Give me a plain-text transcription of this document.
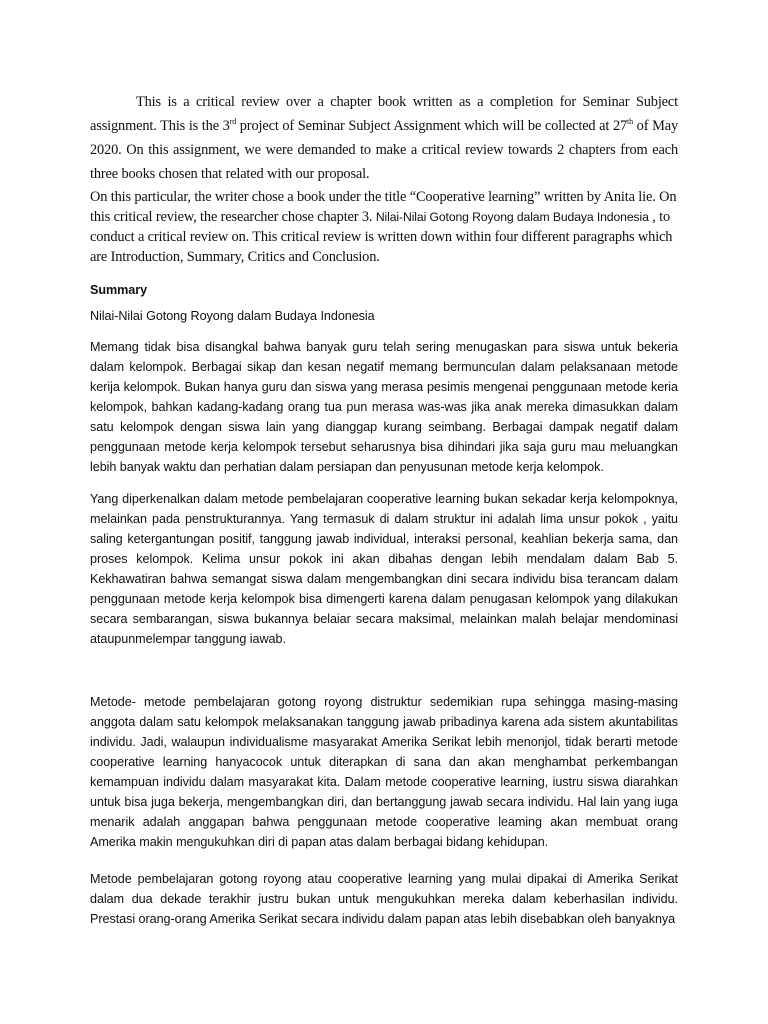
This is a critical review over a chapter book written as a completion for Seminar Subject assignment. This is the 3rd project of Seminar Subject Assignment which will be collected at 27th of May 2020. On this assignment, we were demanded to make a critical review towards 2 chapters from each three books chosen that related with our proposal.

On this particular, the writer chose a book under the title “Cooperative learning” written by Anita lie. On this critical review, the researcher chose chapter 3. Nilai-Nilai Gotong Royong dalam Budaya Indonesia , to conduct a critical review on. This critical review is written down within four different paragraphs which are Introduction, Summary, Critics and Conclusion.

Summary

Nilai-Nilai Gotong Royong dalam Budaya Indonesia

Memang tidak bisa disangkal bahwa banyak guru telah sering menugaskan para siswa untuk bekeria dalam kelompok. Berbagai sikap dan kesan negatif memang bermunculan dalam pelaksanaan metode kerija kelompok. Bukan hanya guru dan siswa yang merasa pesimis mengenai penggunaan metode keria kelompok, bahkan kadang-kadang orang tua pun merasa was-was jika anak mereka dimasukkan dalam satu kelompok dengan siswa lain yang dianggap kurang seimbang. Berbagai dampak negatif dalam penggunaan metode kerja kelompok tersebut seharusnya bisa dihindari jika saja guru mau meluangkan lebih banyak waktu dan perhatian dalam persiapan dan penyusunan metode kerja kelompok.

Yang diperkenalkan dalam metode pembelajaran cooperative learning bukan sekadar kerja kelompoknya, melainkan pada penstrukturannya. Yang termasuk di dalam struktur ini adalah lima unsur pokok , yaitu saling ketergantungan positif, tanggung jawab individual, interaksi personal, keahlian bekerja sama, dan proses kelompok. Kelima unsur pokok ini akan dibahas dengan lebih mendalam dalam Bab 5. Kekhawatiran bahwa semangat siswa dalam mengembangkan dini secara individu bisa terancam dalam penggunaan metode kerja kelompok bisa dimengerti karena dalam penugasan kelompok yang dilakukan secara sembarangan, siswa bukannya belaiar secara maksimal, melainkan malah belajar mendominasi ataupunmelempar tanggung iawab.

Metode- metode pembelajaran gotong royong distruktur sedemikian rupa sehingga masing-masing anggota dalam satu kelompok melaksanakan tanggung jawab pribadinya karena ada sistem akuntabilitas individu. Jadi, walaupun individualisme masyarakat Amerika Serikat lebih menonjol, tidak berarti metode cooperative learning hanyacocok untuk diterapkan di sana dan akan menghambat perkembangan kemampuan individu dalam masyarakat kita. Dalam metode cooperative learning, iustru siswa diarahkan untuk bisa juga bekerja, mengembangkan diri, dan bertanggung jawab secara individu. Hal lain yang iuga menarik adalah anggapan bahwa penggunaan metode cooperative leaming akan membuat orang Amerika makin mengukuhkan diri di papan atas dalam berbagai bidang kehidupan.

Metode pembelajaran gotong royong atau cooperative learning yang mulai dipakai di Amerika Serikat dalam dua dekade terakhir justru bukan untuk mengukuhkan mereka dalam keberhasilan individu. Prestasi orang-orang Amerika Serikat secara individu dalam papan atas lebih disebabkan oleh banyaknya
